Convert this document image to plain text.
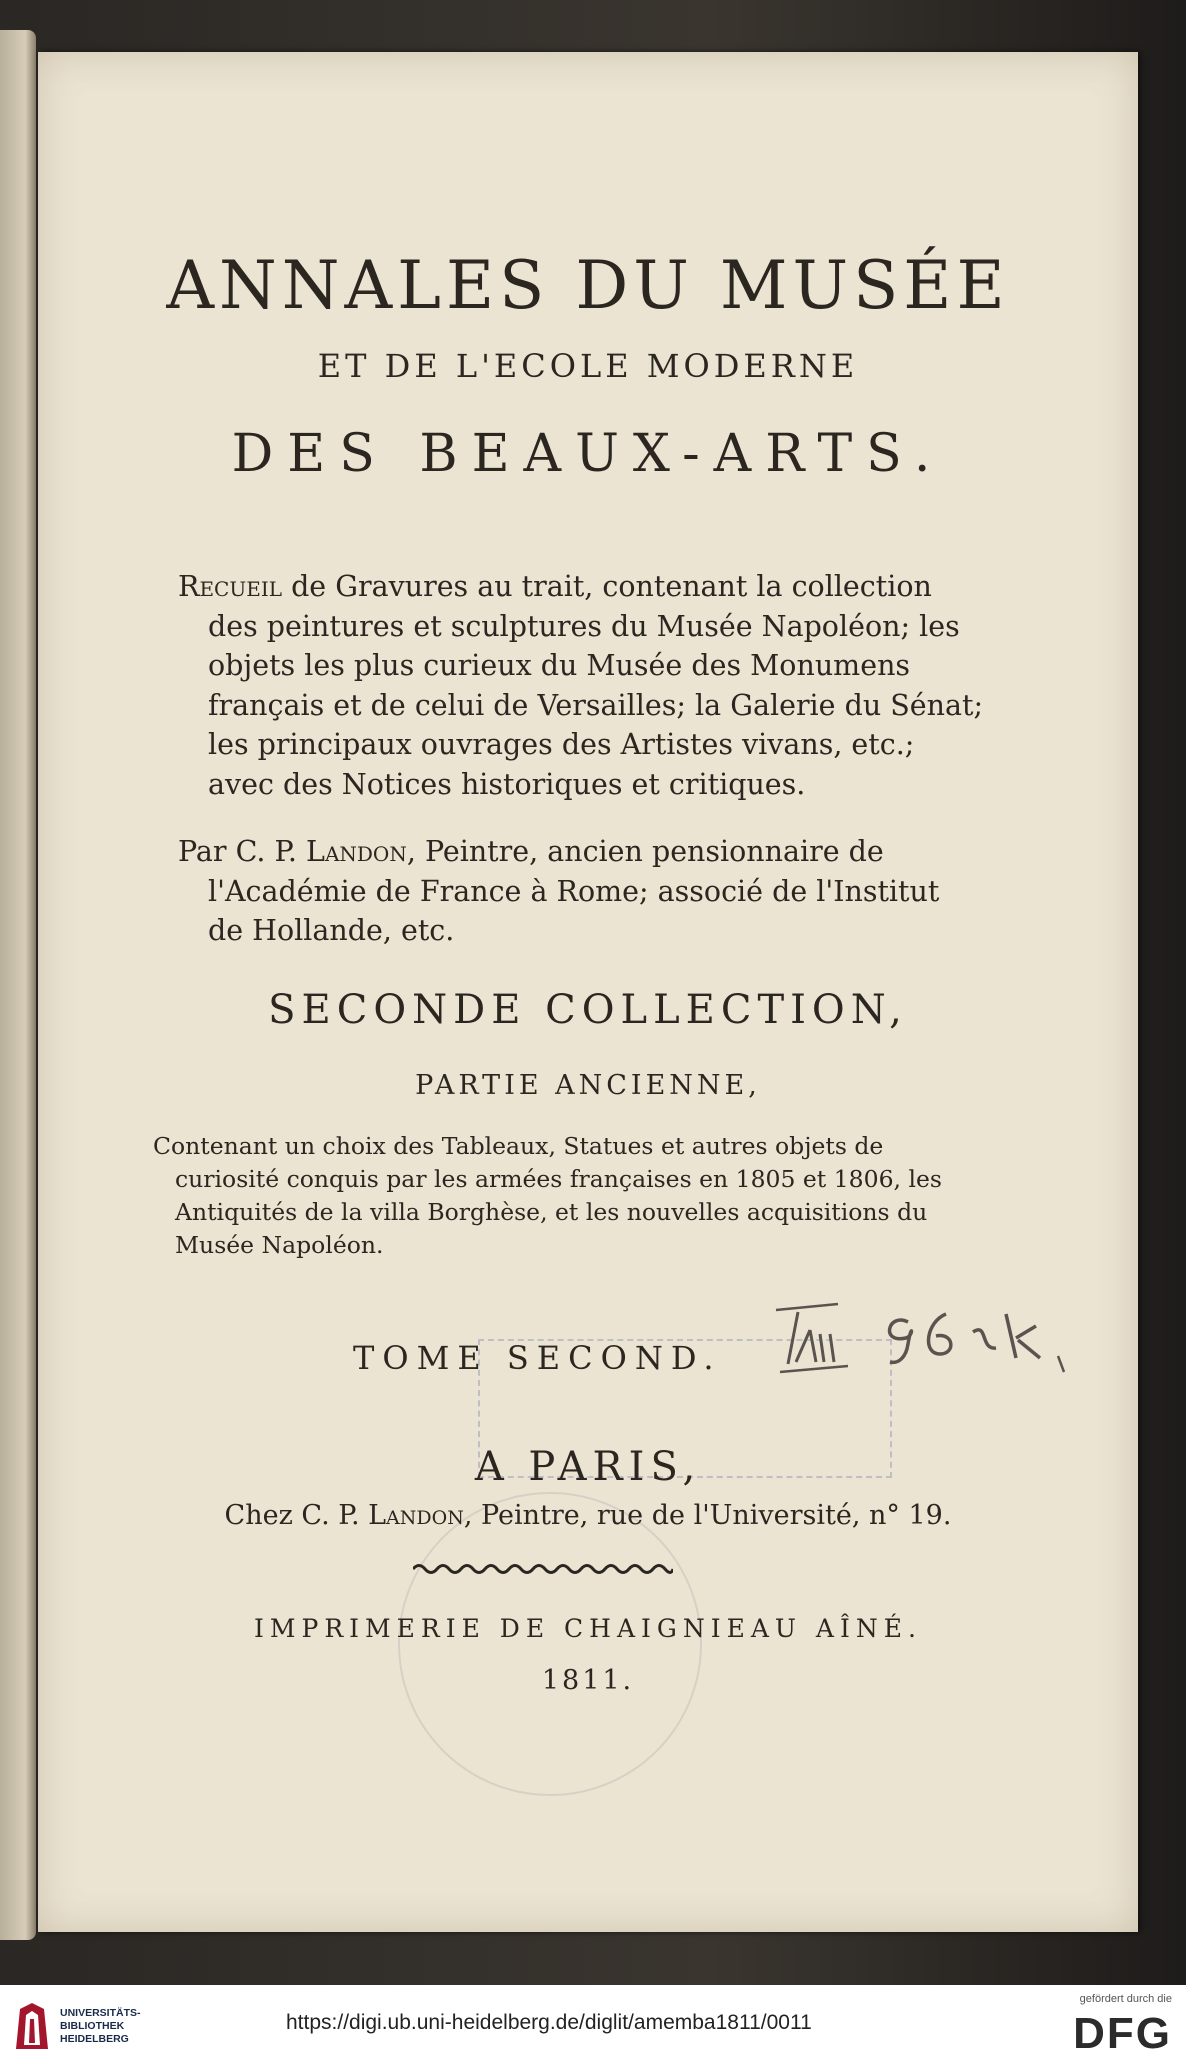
ANNALES DU MUSÉE
ET DE L'ECOLE MODERNE
DES BEAUX-ARTS.
Recueil de Gravures au trait, contenant la collection
des peintures et sculptures du Musée Napoléon; les
objets les plus curieux du Musée des Monumens
français et de celui de Versailles; la Galerie du Sénat;
les principaux ouvrages des Artistes vivans, etc.;
avec des Notices historiques et critiques.
Par C. P. Landon, Peintre, ancien pensionnaire de
l'Académie de France à Rome; associé de l'Institut
de Hollande, etc.
SECONDE COLLECTION,
PARTIE ANCIENNE,
Contenant un choix des Tableaux, Statues et autres objets de
curiosité conquis par les armées françaises en 1805 et 1806, les
Antiquités de la villa Borghèse, et les nouvelles acquisitions du
Musée Napoléon.
TOME SECOND.
A PARIS,
Chez C. P. Landon, Peintre, rue de l'Université, n° 19.
IMPRIMERIE DE CHAIGNIEAU AÎNÉ.
1811.
UNIVERSITÄTS-
BIBLIOTHEK
HEIDELBERG
https://digi.ub.uni-heidelberg.de/diglit/amemba1811/0011
gefördert durch die
DFG
